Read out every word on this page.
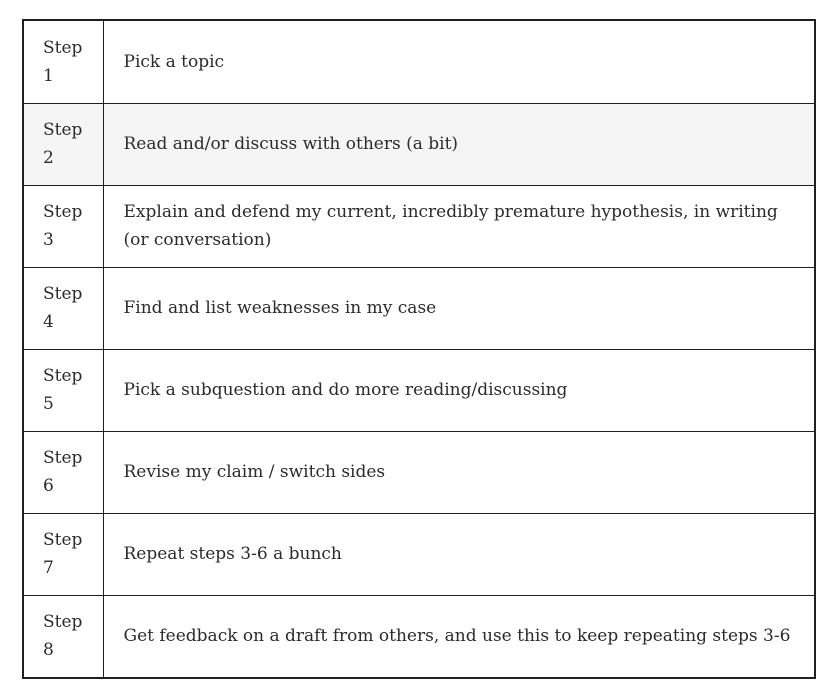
Step
1	Pick a topic

Step
2	Read and/or discuss with others (a bit)

Step
3	Explain and defend my current, incredibly premature hypothesis, in writing (or conversation)

Step
4	Find and list weaknesses in my case

Step
5	Pick a subquestion and do more reading/discussing

Step
6	Revise my claim / switch sides

Step
7	Repeat steps 3-6 a bunch

Step
8	Get feedback on a draft from others, and use this to keep repeating steps 3-6
